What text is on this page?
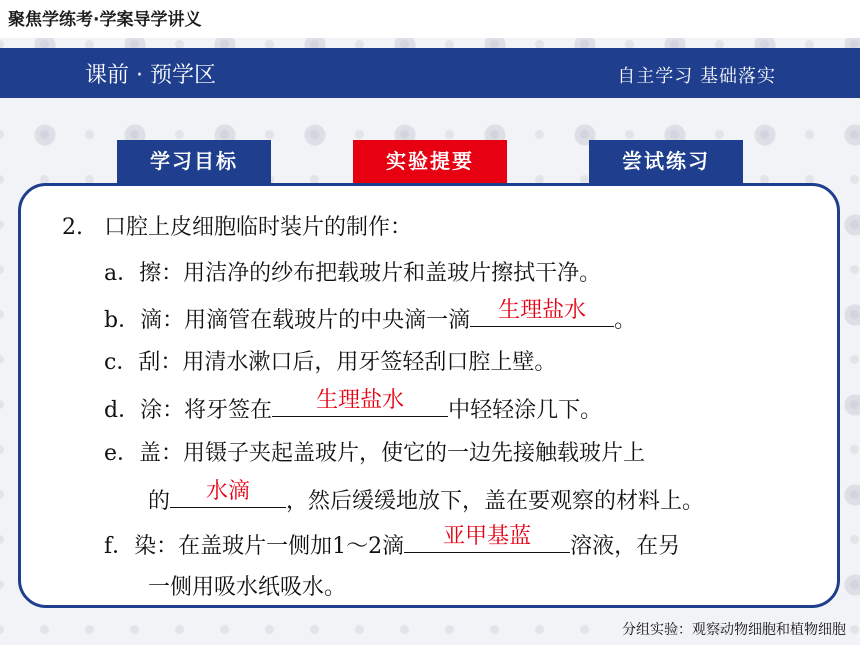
聚焦学练考·学案导学讲义
课前 · 预学区	自主学习 基础落实
学习目标	实验提要	尝试练习
2. 口腔上皮细胞临时装片的制作：
a．擦：用洁净的纱布把载玻片和盖玻片擦拭干净。
b．滴：用滴管在载玻片的中央滴一滴	生理盐水	。
c．刮：用清水漱口后，用牙签轻刮口腔上壁。
d．涂：将牙签在	生理盐水	中轻轻涂几下。
e．盖：用镊子夹起盖玻片，使它的一边先接触载玻片上
的	水滴	，然后缓缓地放下，盖在要观察的材料上。
f．染：在盖玻片一侧加1～2滴	亚甲基蓝	溶液，在另
一侧用吸水纸吸水。
分组实验：观察动物细胞和植物细胞
